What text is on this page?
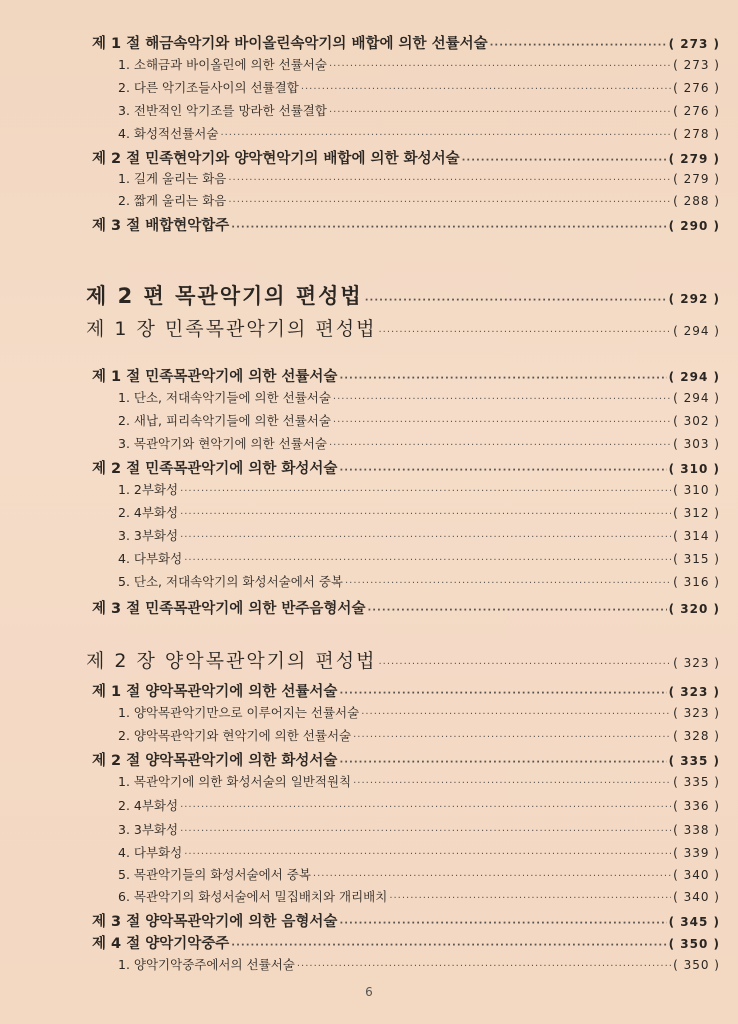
제 1 절 해금속악기와 바이올린속악기의 배합에 의한 선률서술 ·····	( 273 )
1. 소해금과 바이올린에 의한 선률서술 ·····	( 273 )
2. 다른 악기조들사이의 선률결합 ·····	( 276 )
3. 전반적인 악기조를 망라한 선률결합 ·····	( 276 )
4. 화성적선률서술 ·····	( 278 )
제 2 절 민족현악기와 양악현악기의 배합에 의한 화성서술 ·····	( 279 )
1. 길게 울리는 화음 ·····	( 279 )
2. 짧게 울리는 화음 ·····	( 288 )
제 3 절 배합현악합주 ·····	( 290 )
제 2 편 목관악기의 편성법 ·····	( 292 )
제 1 장 민족목관악기의 편성법 ·····	( 294 )
제 1 절 민족목관악기에 의한 선률서술 ·····	( 294 )
1. 단소, 저대속악기들에 의한 선률서술 ·····	( 294 )
2. 새납, 피리속악기들에 의한 선률서술 ·····	( 302 )
3. 목관악기와 현악기에 의한 선률서술 ·····	( 303 )
제 2 절 민족목관악기에 의한 화성서술 ·····	( 310 )
1. 2부화성 ·····	( 310 )
2. 4부화성 ·····	( 312 )
3. 3부화성 ·····	( 314 )
4. 다부화성 ·····	( 315 )
5. 단소, 저대속악기의 화성서술에서 중복 ·····	( 316 )
제 3 절 민족목관악기에 의한 반주음형서술 ·····	( 320 )
제 2 장 양악목관악기의 편성법 ·····	( 323 )
제 1 절 양악목관악기에 의한 선률서술 ·····	( 323 )
1. 양악목관악기만으로 이루어지는 선률서술 ·····	( 323 )
2. 양악목관악기와 현악기에 의한 선률서술 ·····	( 328 )
제 2 절 양악목관악기에 의한 화성서술 ·····	( 335 )
1. 목관악기에 의한 화성서술의 일반적원칙 ·····	( 335 )
2. 4부화성 ·····	( 336 )
3. 3부화성 ·····	( 338 )
4. 다부화성 ·····	( 339 )
5. 목관악기들의 화성서술에서 중복 ·····	( 340 )
6. 목관악기의 화성서술에서 밀집배치와 개리배치 ·····	( 340 )
제 3 절 양악목관악기에 의한 음형서술 ·····	( 345 )
제 4 절 양악기악중주 ·····	( 350 )
1. 양악기악중주에서의 선률서술 ·····	( 350 )
6
